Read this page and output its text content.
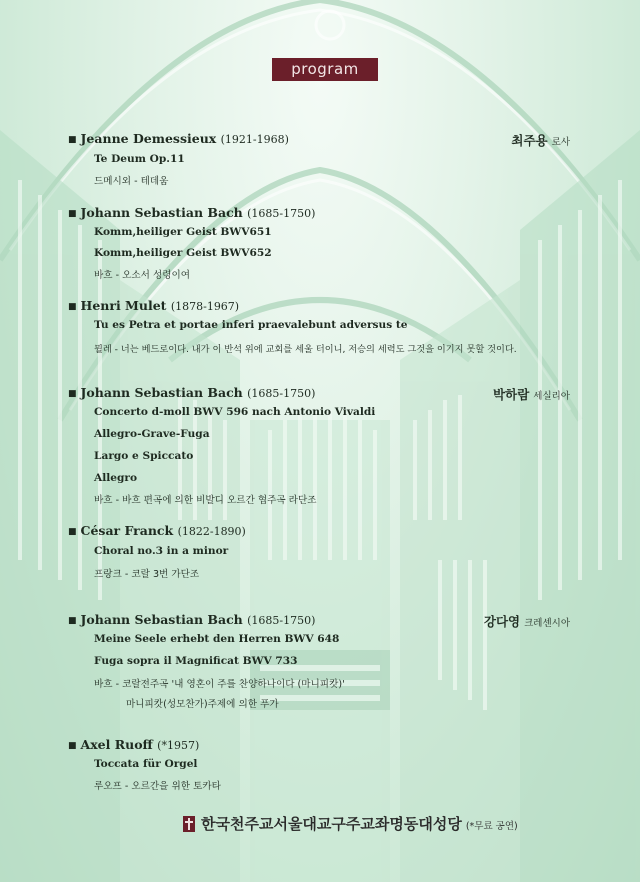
program
최주용 로사
박하람 세실리아
강다영 크레센시아
■ Jeanne Demessieux (1921-1968)
Te Deum Op.11
드메시외 - 테데움
■ Johann Sebastian Bach (1685-1750)
Komm,heiliger Geist BWV651
Komm,heiliger Geist BWV652
바흐 - 오소서 성령이여
■ Henri Mulet (1878-1967)
Tu es Petra et portae inferi praevalebunt adversus te
뮐레 - 너는 베드로이다. 내가 이 반석 위에 교회를 세울 터이니, 저승의 세력도 그것을 이기지 못할 것이다.
■ Johann Sebastian Bach (1685-1750)
Concerto d-moll BWV 596 nach Antonio Vivaldi
Allegro-Grave-Fuga
Largo e Spiccato
Allegro
바흐 - 바흐 편곡에 의한 비발디 오르간 협주곡 라단조
■ César Franck (1822-1890)
Choral no.3 in a minor
프랑크 - 코랄 3번 가단조
■ Johann Sebastian Bach (1685-1750)
Meine Seele erhebt den Herren BWV 648
Fuga sopra il Magnificat BWV 733
바흐 - 코랄전주곡 '내 영혼이 주를 찬양하나이다 (마니피캇)'
마니피캇(성모찬가)주제에 의한 푸가
■ Axel Ruoff (*1957)
Toccata für Orgel
루오프 - 오르간을 위한 토카타
한국천주교서울대교구주교좌명동대성당 (*무료 공연)
